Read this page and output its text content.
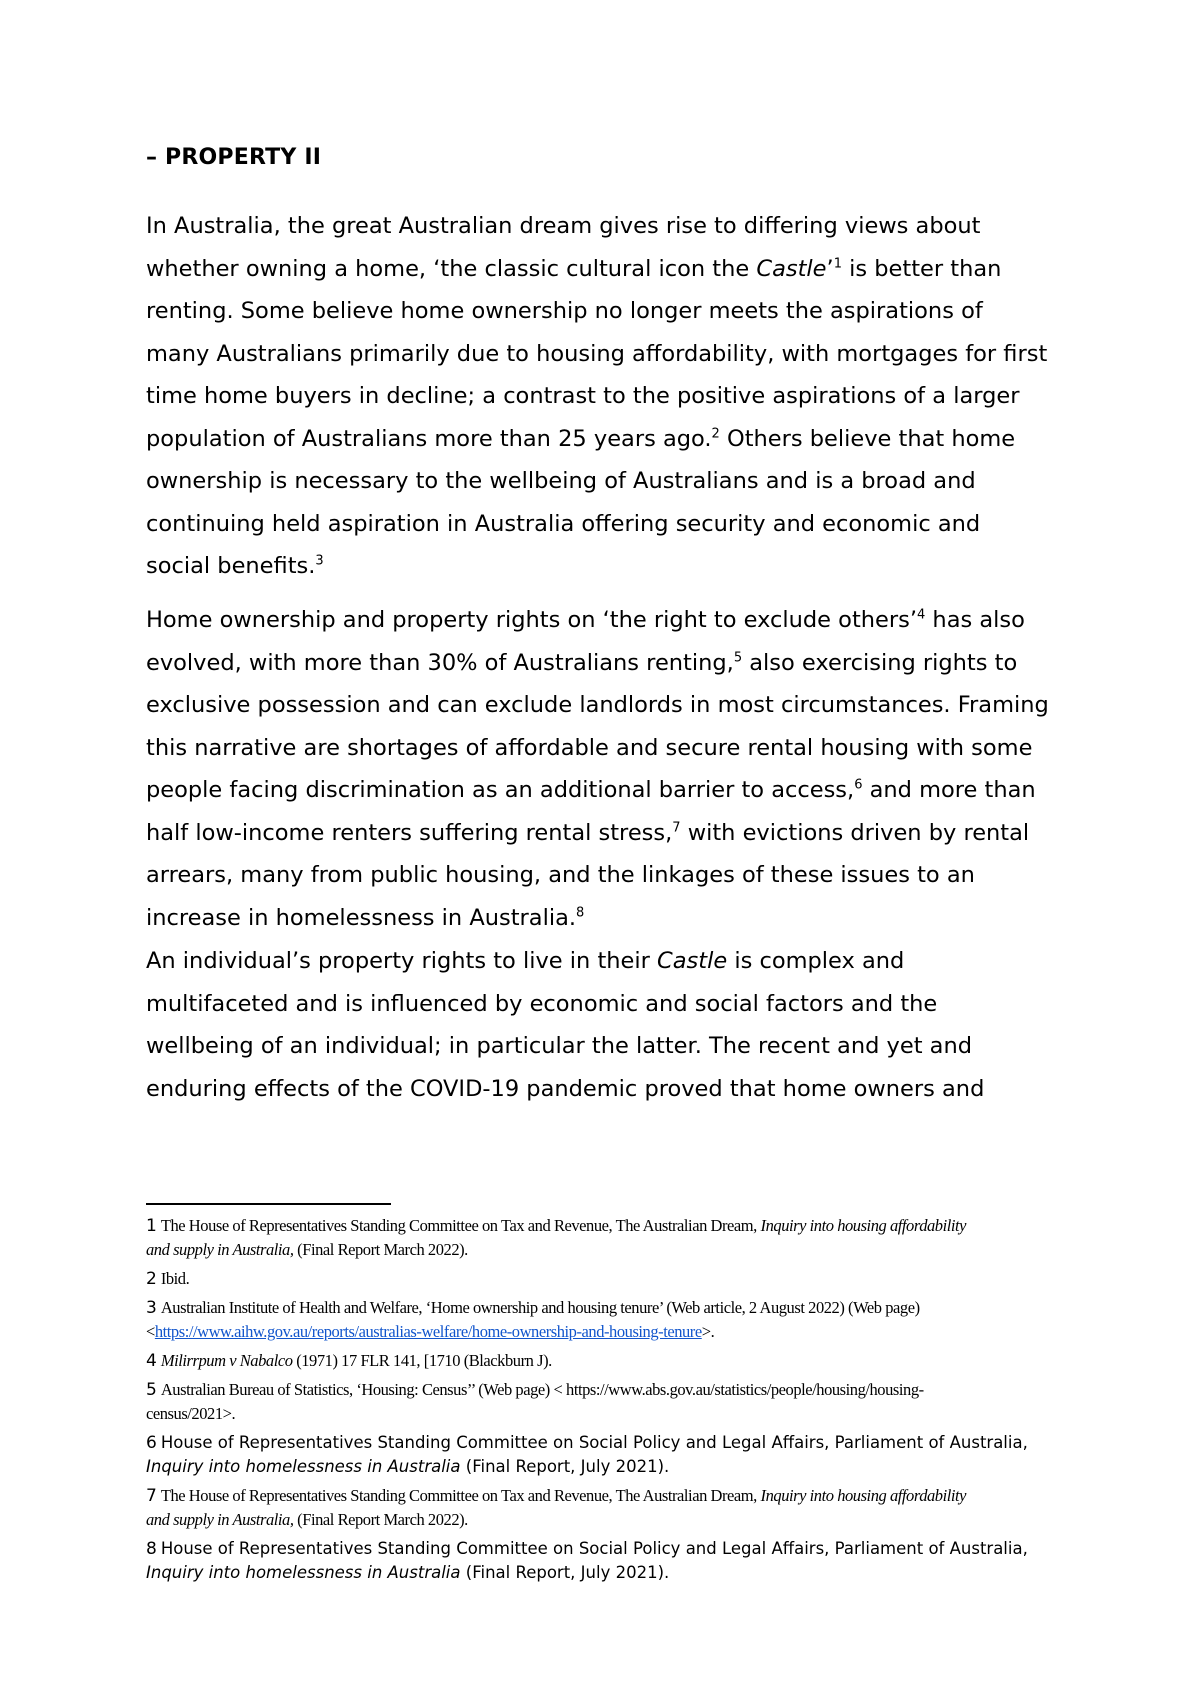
– PROPERTY II
In Australia, the great Australian dream gives rise to differing views about
whether owning a home, ‘the classic cultural icon the Castle’$^1$ is better than
renting. Some believe home ownership no longer meets the aspirations of
many Australians primarily due to housing affordability, with mortgages for first
time home buyers in decline; a contrast to the positive aspirations of a larger
population of Australians more than 25 years ago.$^2$ Others believe that home
ownership is necessary to the wellbeing of Australians and is a broad and
continuing held aspiration in Australia offering security and economic and
social benefits.$^3$
Home ownership and property rights on ‘the right to exclude others’$^4$ has also
evolved, with more than 30% of Australians renting,$^5$ also exercising rights to
exclusive possession and can exclude landlords in most circumstances. Framing
this narrative are shortages of affordable and secure rental housing with some
people facing discrimination as an additional barrier to access,$^6$ and more than
half low-income renters suffering rental stress,$^7$ with evictions driven by rental
arrears, many from public housing, and the linkages of these issues to an
increase in homelessness in Australia.$^8$
An individual’s property rights to live in their Castle is complex and
multifaceted and is influenced by economic and social factors and the
wellbeing of an individual; in particular the latter. The recent and yet and
enduring effects of the COVID-19 pandemic proved that home owners and
1 The House of Representatives Standing Committee on Tax and Revenue, The Australian Dream, Inquiry into housing affordability
and supply in Australia, (Final Report March 2022).
2 Ibid.
3 Australian Institute of Health and Welfare, ‘Home ownership and housing tenure’ (Web article, 2 August 2022) (Web page)
<https://www.aihw.gov.au/reports/australias-welfare/home-ownership-and-housing-tenure>.
4 Milirrpum v Nabalco (1971) 17 FLR 141, [1710 (Blackburn J).
5 Australian Bureau of Statistics, ‘Housing: Census’’ (Web page) < https://www.abs.gov.au/statistics/people/housing/housing-
census/2021>.
6 House of Representatives Standing Committee on Social Policy and Legal Affairs, Parliament of Australia,
Inquiry into homelessness in Australia (Final Report, July 2021).
7 The House of Representatives Standing Committee on Tax and Revenue, The Australian Dream, Inquiry into housing affordability
and supply in Australia, (Final Report March 2022).
8 House of Representatives Standing Committee on Social Policy and Legal Affairs, Parliament of Australia,
Inquiry into homelessness in Australia (Final Report, July 2021).
